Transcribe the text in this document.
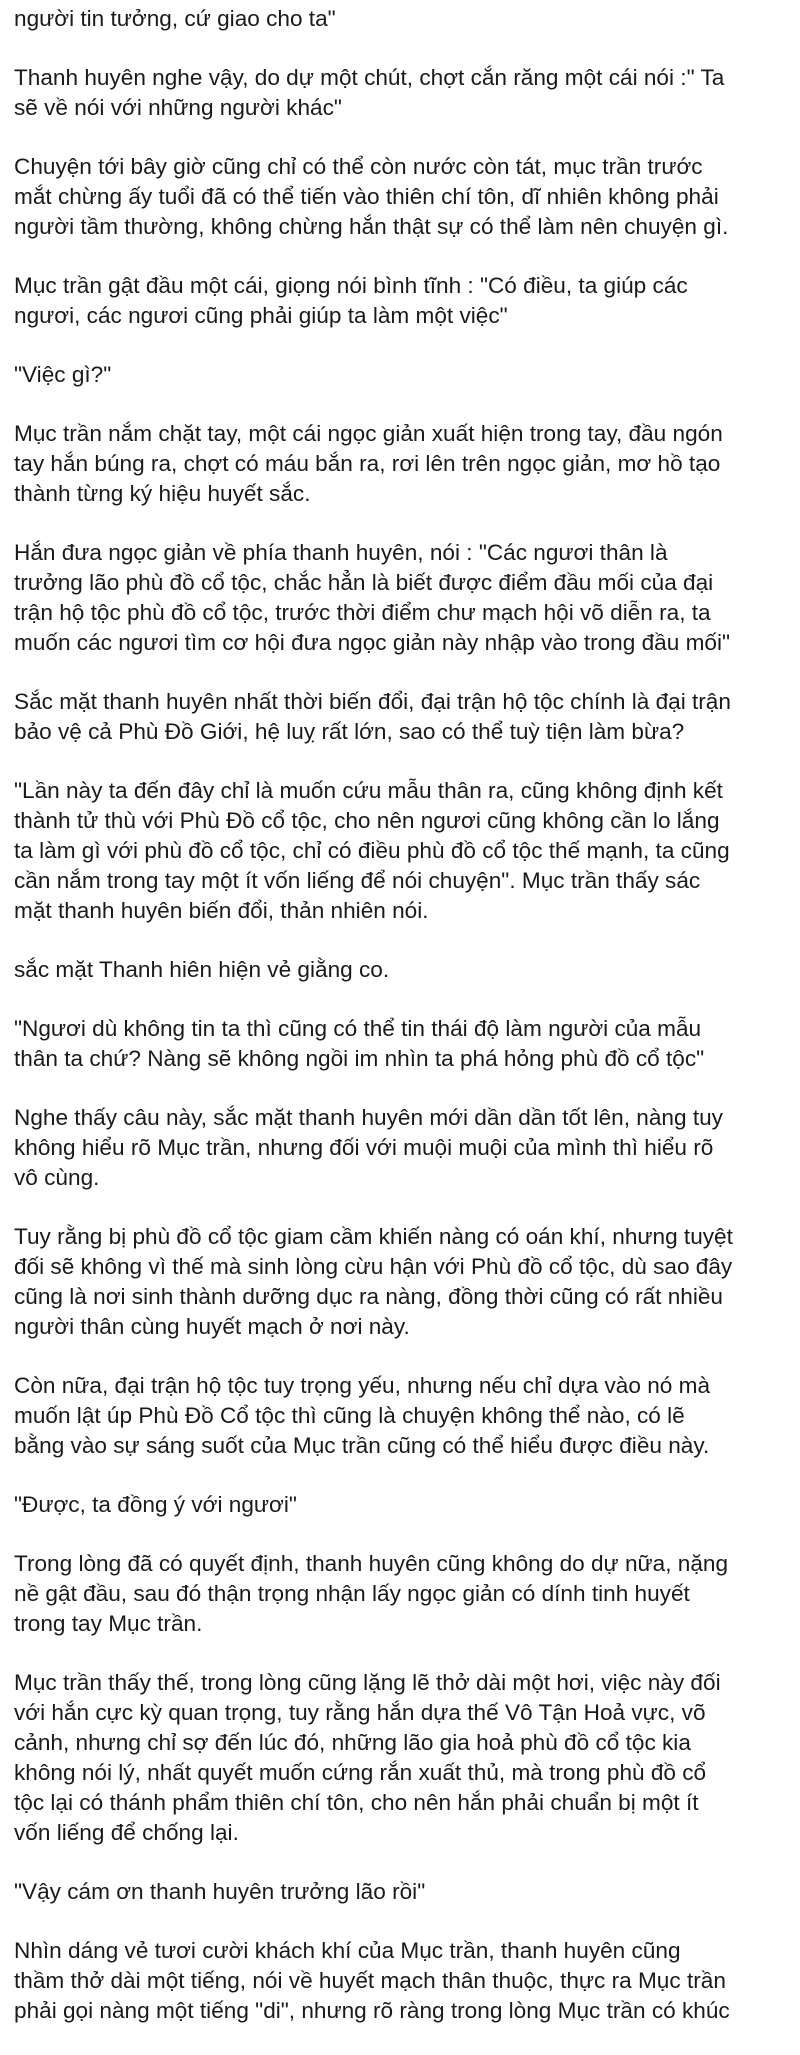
người tin tưởng, cứ giao cho ta"
Thanh huyên nghe vậy, do dự một chút, chợt cắn răng một cái nói :" Ta
sẽ về nói với những người khác"
Chuyện tới bây giờ cũng chỉ có thể còn nước còn tát, mục trần trước
mắt chừng ấy tuổi đã có thể tiến vào thiên chí tôn, dĩ nhiên không phải
người tầm thường, không chừng hắn thật sự có thể làm nên chuyện gì.
Mục trần gật đầu một cái, giọng nói bình tĩnh : "Có điều, ta giúp các
ngươi, các ngươi cũng phải giúp ta làm một việc"
"Việc gì?"
Mục trần nắm chặt tay, một cái ngọc giản xuất hiện trong tay, đầu ngón
tay hắn búng ra, chợt có máu bắn ra, rơi lên trên ngọc giản, mơ hồ tạo
thành từng ký hiệu huyết sắc.
Hắn đưa ngọc giản về phía thanh huyên, nói : "Các ngươi thân là
trưởng lão phù đồ cổ tộc, chắc hẳn là biết được điểm đầu mối của đại
trận hộ tộc phù đồ cổ tộc, trước thời điểm chư mạch hội võ diễn ra, ta
muốn các ngươi tìm cơ hội đưa ngọc giản này nhập vào trong đầu mối"
Sắc mặt thanh huyên nhất thời biến đổi, đại trận hộ tộc chính là đại trận
bảo vệ cả Phù Đồ Giới, hệ luỵ rất lớn, sao có thể tuỳ tiện làm bừa?
"Lần này ta đến đây chỉ là muốn cứu mẫu thân ra, cũng không định kết
thành tử thù với Phù Đồ cổ tộc, cho nên ngươi cũng không cần lo lắng
ta làm gì với phù đồ cổ tộc, chỉ có điều phù đồ cổ tộc thế mạnh, ta cũng
cần nắm trong tay một ít vốn liếng để nói chuyện". Mục trần thấy sác
mặt thanh huyên biến đổi, thản nhiên nói.
sắc mặt Thanh hiên hiện vẻ giằng co.
"Ngươi dù không tin ta thì cũng có thể tin thái độ làm người của mẫu
thân ta chứ? Nàng sẽ không ngồi im nhìn ta phá hỏng phù đồ cổ tộc"
Nghe thấy câu này, sắc mặt thanh huyên mới dần dần tốt lên, nàng tuy
không hiểu rõ Mục trần, nhưng đối với muội muội của mình thì hiểu rõ
vô cùng.
Tuy rằng bị phù đồ cổ tộc giam cầm khiến nàng có oán khí, nhưng tuyệt
đối sẽ không vì thế mà sinh lòng cừu hận với Phù đồ cổ tộc, dù sao đây
cũng là nơi sinh thành dưỡng dục ra nàng, đồng thời cũng có rất nhiều
người thân cùng huyết mạch ở nơi này.
Còn nữa, đại trận hộ tộc tuy trọng yếu, nhưng nếu chỉ dựa vào nó mà
muốn lật úp Phù Đồ Cổ tộc thì cũng là chuyện không thể nào, có lẽ
bằng vào sự sáng suốt của Mục trần cũng có thể hiểu được điều này.
"Được, ta đồng ý với ngươi"
Trong lòng đã có quyết định, thanh huyên cũng không do dự nữa, nặng
nề gật đầu, sau đó thận trọng nhận lấy ngọc giản có dính tinh huyết
trong tay Mục trần.
Mục trần thấy thế, trong lòng cũng lặng lẽ thở dài một hơi, việc này đối
với hắn cực kỳ quan trọng, tuy rằng hắn dựa thế Vô Tận Hoả vực, võ
cảnh, nhưng chỉ sợ đến lúc đó, những lão gia hoả phù đồ cổ tộc kia
không nói lý, nhất quyết muốn cứng rắn xuất thủ, mà trong phù đồ cổ
tộc lại có thánh phẩm thiên chí tôn, cho nên hắn phải chuẩn bị một ít
vốn liếng để chống lại.
"Vậy cám ơn thanh huyên trưởng lão rồi"
Nhìn dáng vẻ tươi cười khách khí của Mục trần, thanh huyên cũng
thầm thở dài một tiếng, nói về huyết mạch thân thuộc, thực ra Mục trần
phải gọi nàng một tiếng "di", nhưng rõ ràng trong lòng Mục trần có khúc
